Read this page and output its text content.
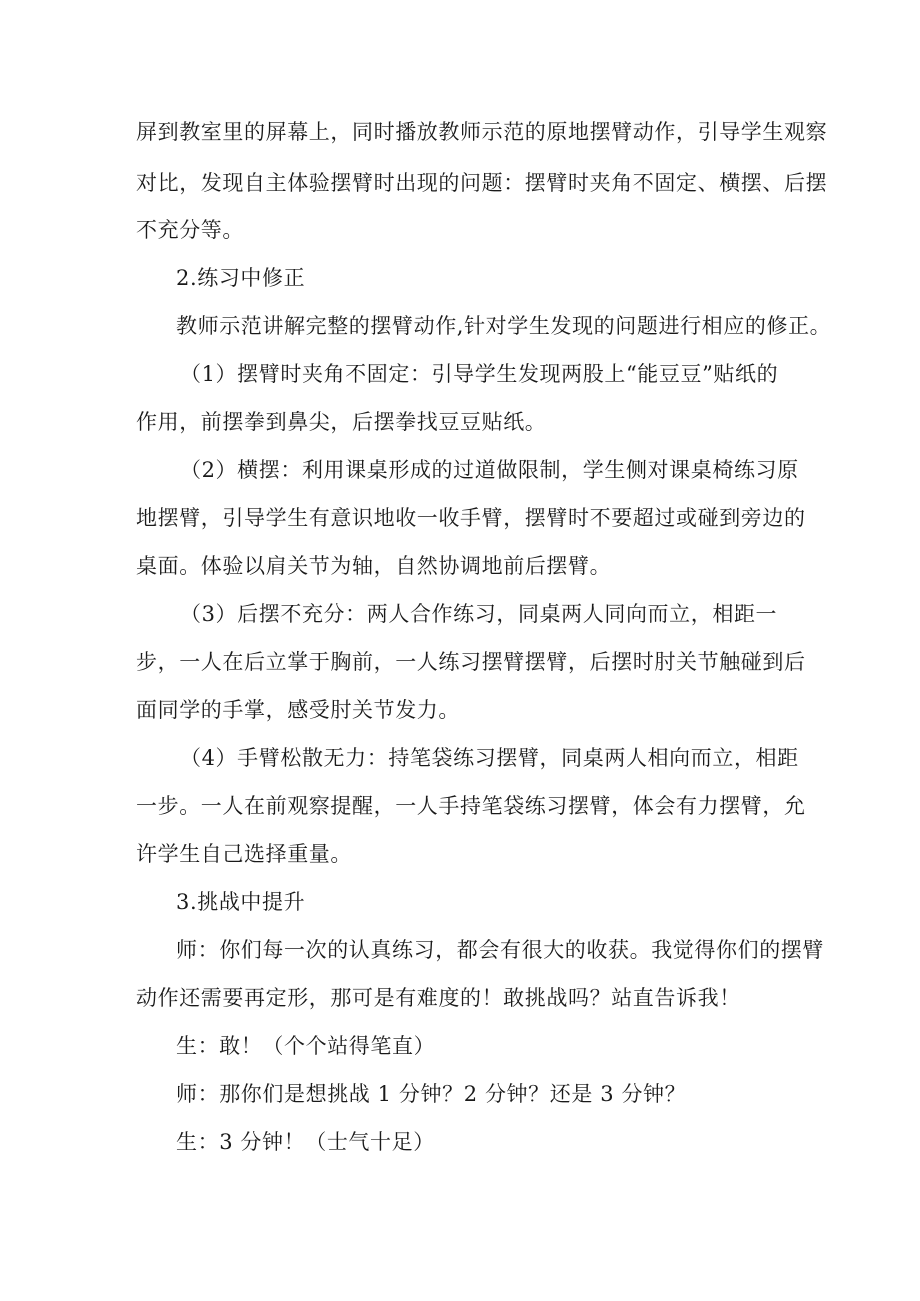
屏到教室里的屏幕上，同时播放教师示范的原地摆臂动作，引导学生观察
对比，发现自主体验摆臂时出现的问题：摆臂时夹角不固定、横摆、后摆
不充分等。
2.练习中修正
教师示范讲解完整的摆臂动作,针对学生发现的问题进行相应的修正。
（1）摆臂时夹角不固定：引导学生发现两股上“能豆豆”贴纸的
作用，前摆拳到鼻尖，后摆拳找豆豆贴纸。
（2）横摆：利用课桌形成的过道做限制，学生侧对课桌椅练习原
地摆臂，引导学生有意识地收一收手臂，摆臂时不要超过或碰到旁边的
桌面。体验以肩关节为轴，自然协调地前后摆臂。
（3）后摆不充分：两人合作练习，同桌两人同向而立，相距一
步，一人在后立掌于胸前，一人练习摆臂摆臂，后摆时肘关节触碰到后
面同学的手掌，感受肘关节发力。
（4）手臂松散无力：持笔袋练习摆臂，同桌两人相向而立，相距
一步。一人在前观察提醒，一人手持笔袋练习摆臂，体会有力摆臂，允
许学生自己选择重量。
3.挑战中提升
师：你们每一次的认真练习，都会有很大的收获。我觉得你们的摆臂
动作还需要再定形，那可是有难度的！敢挑战吗？站直告诉我！
生：敢！（个个站得笔直）
师：那你们是想挑战 1 分钟？2 分钟？还是 3 分钟？
生：3 分钟！（士气十足）
